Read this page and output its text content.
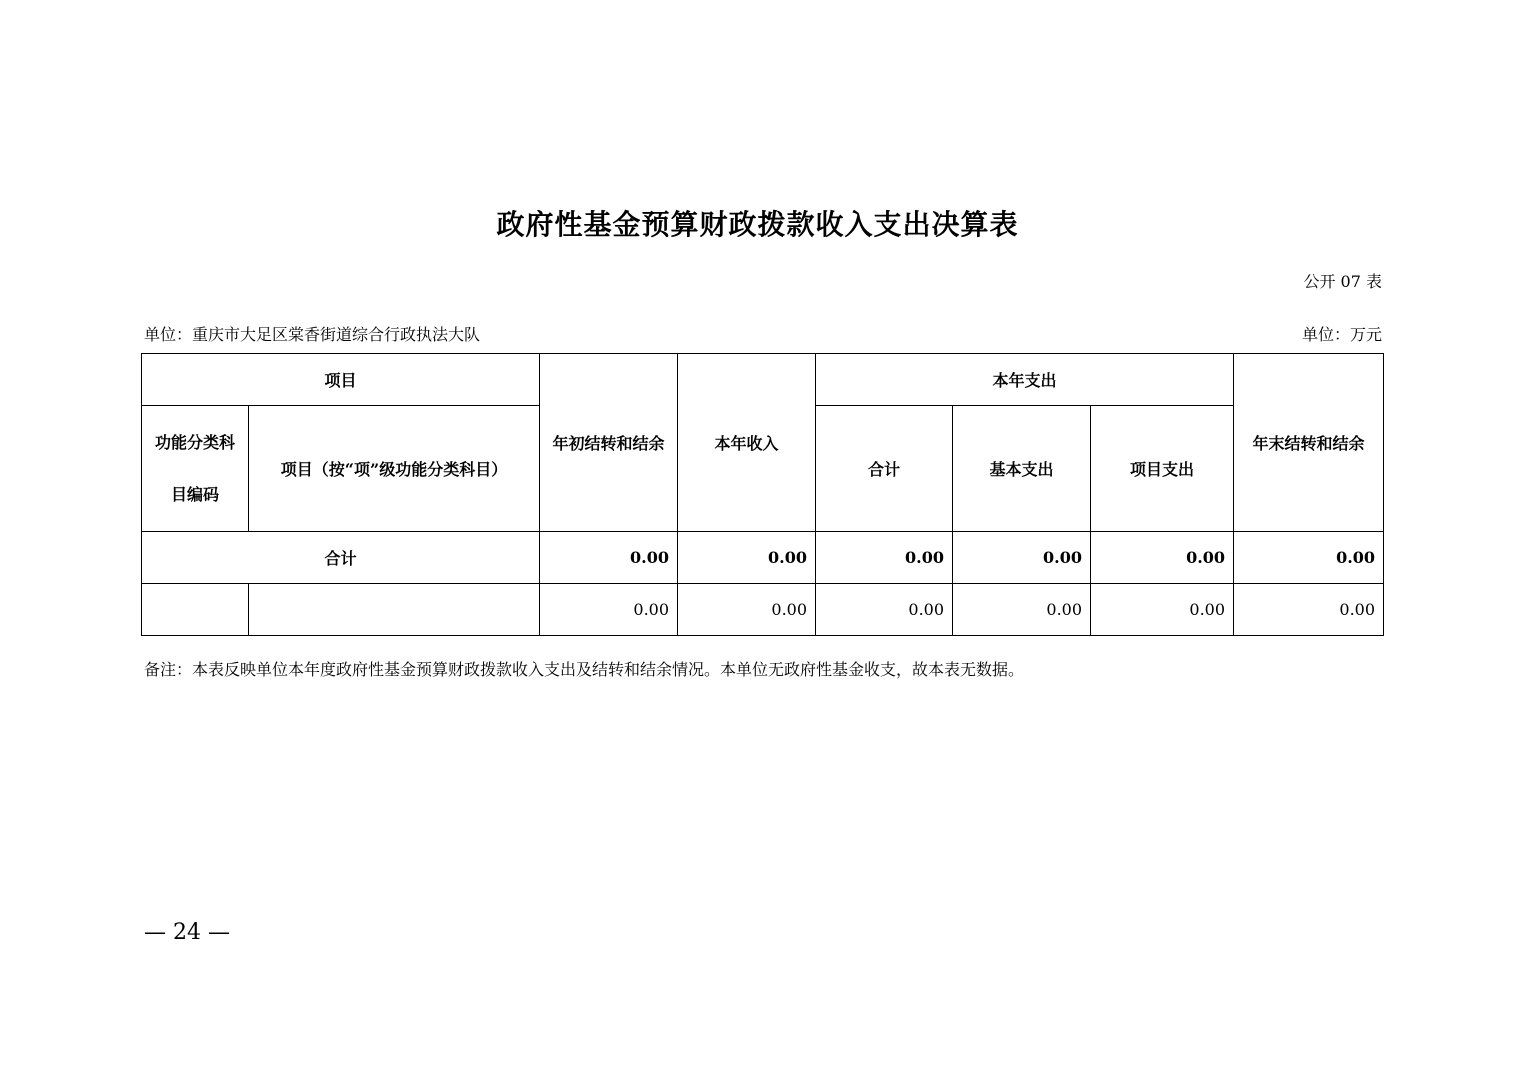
政府性基金预算财政拨款收入支出决算表
公开 07 表
单位：重庆市大足区棠香街道综合行政执法大队	单位：万元
项目		年初结转和结余	本年收入	本年支出			年末结转和结余
功能分类科目编码	项目（按“项”级功能分类科目）			合计	基本支出	项目支出	
合计		0.00	0.00	0.00	0.00	0.00	0.00
		0.00	0.00	0.00	0.00	0.00	0.00
备注：本表反映单位本年度政府性基金预算财政拨款收入支出及结转和结余情况。本单位无政府性基金收支，故本表无数据。
— 24 —
